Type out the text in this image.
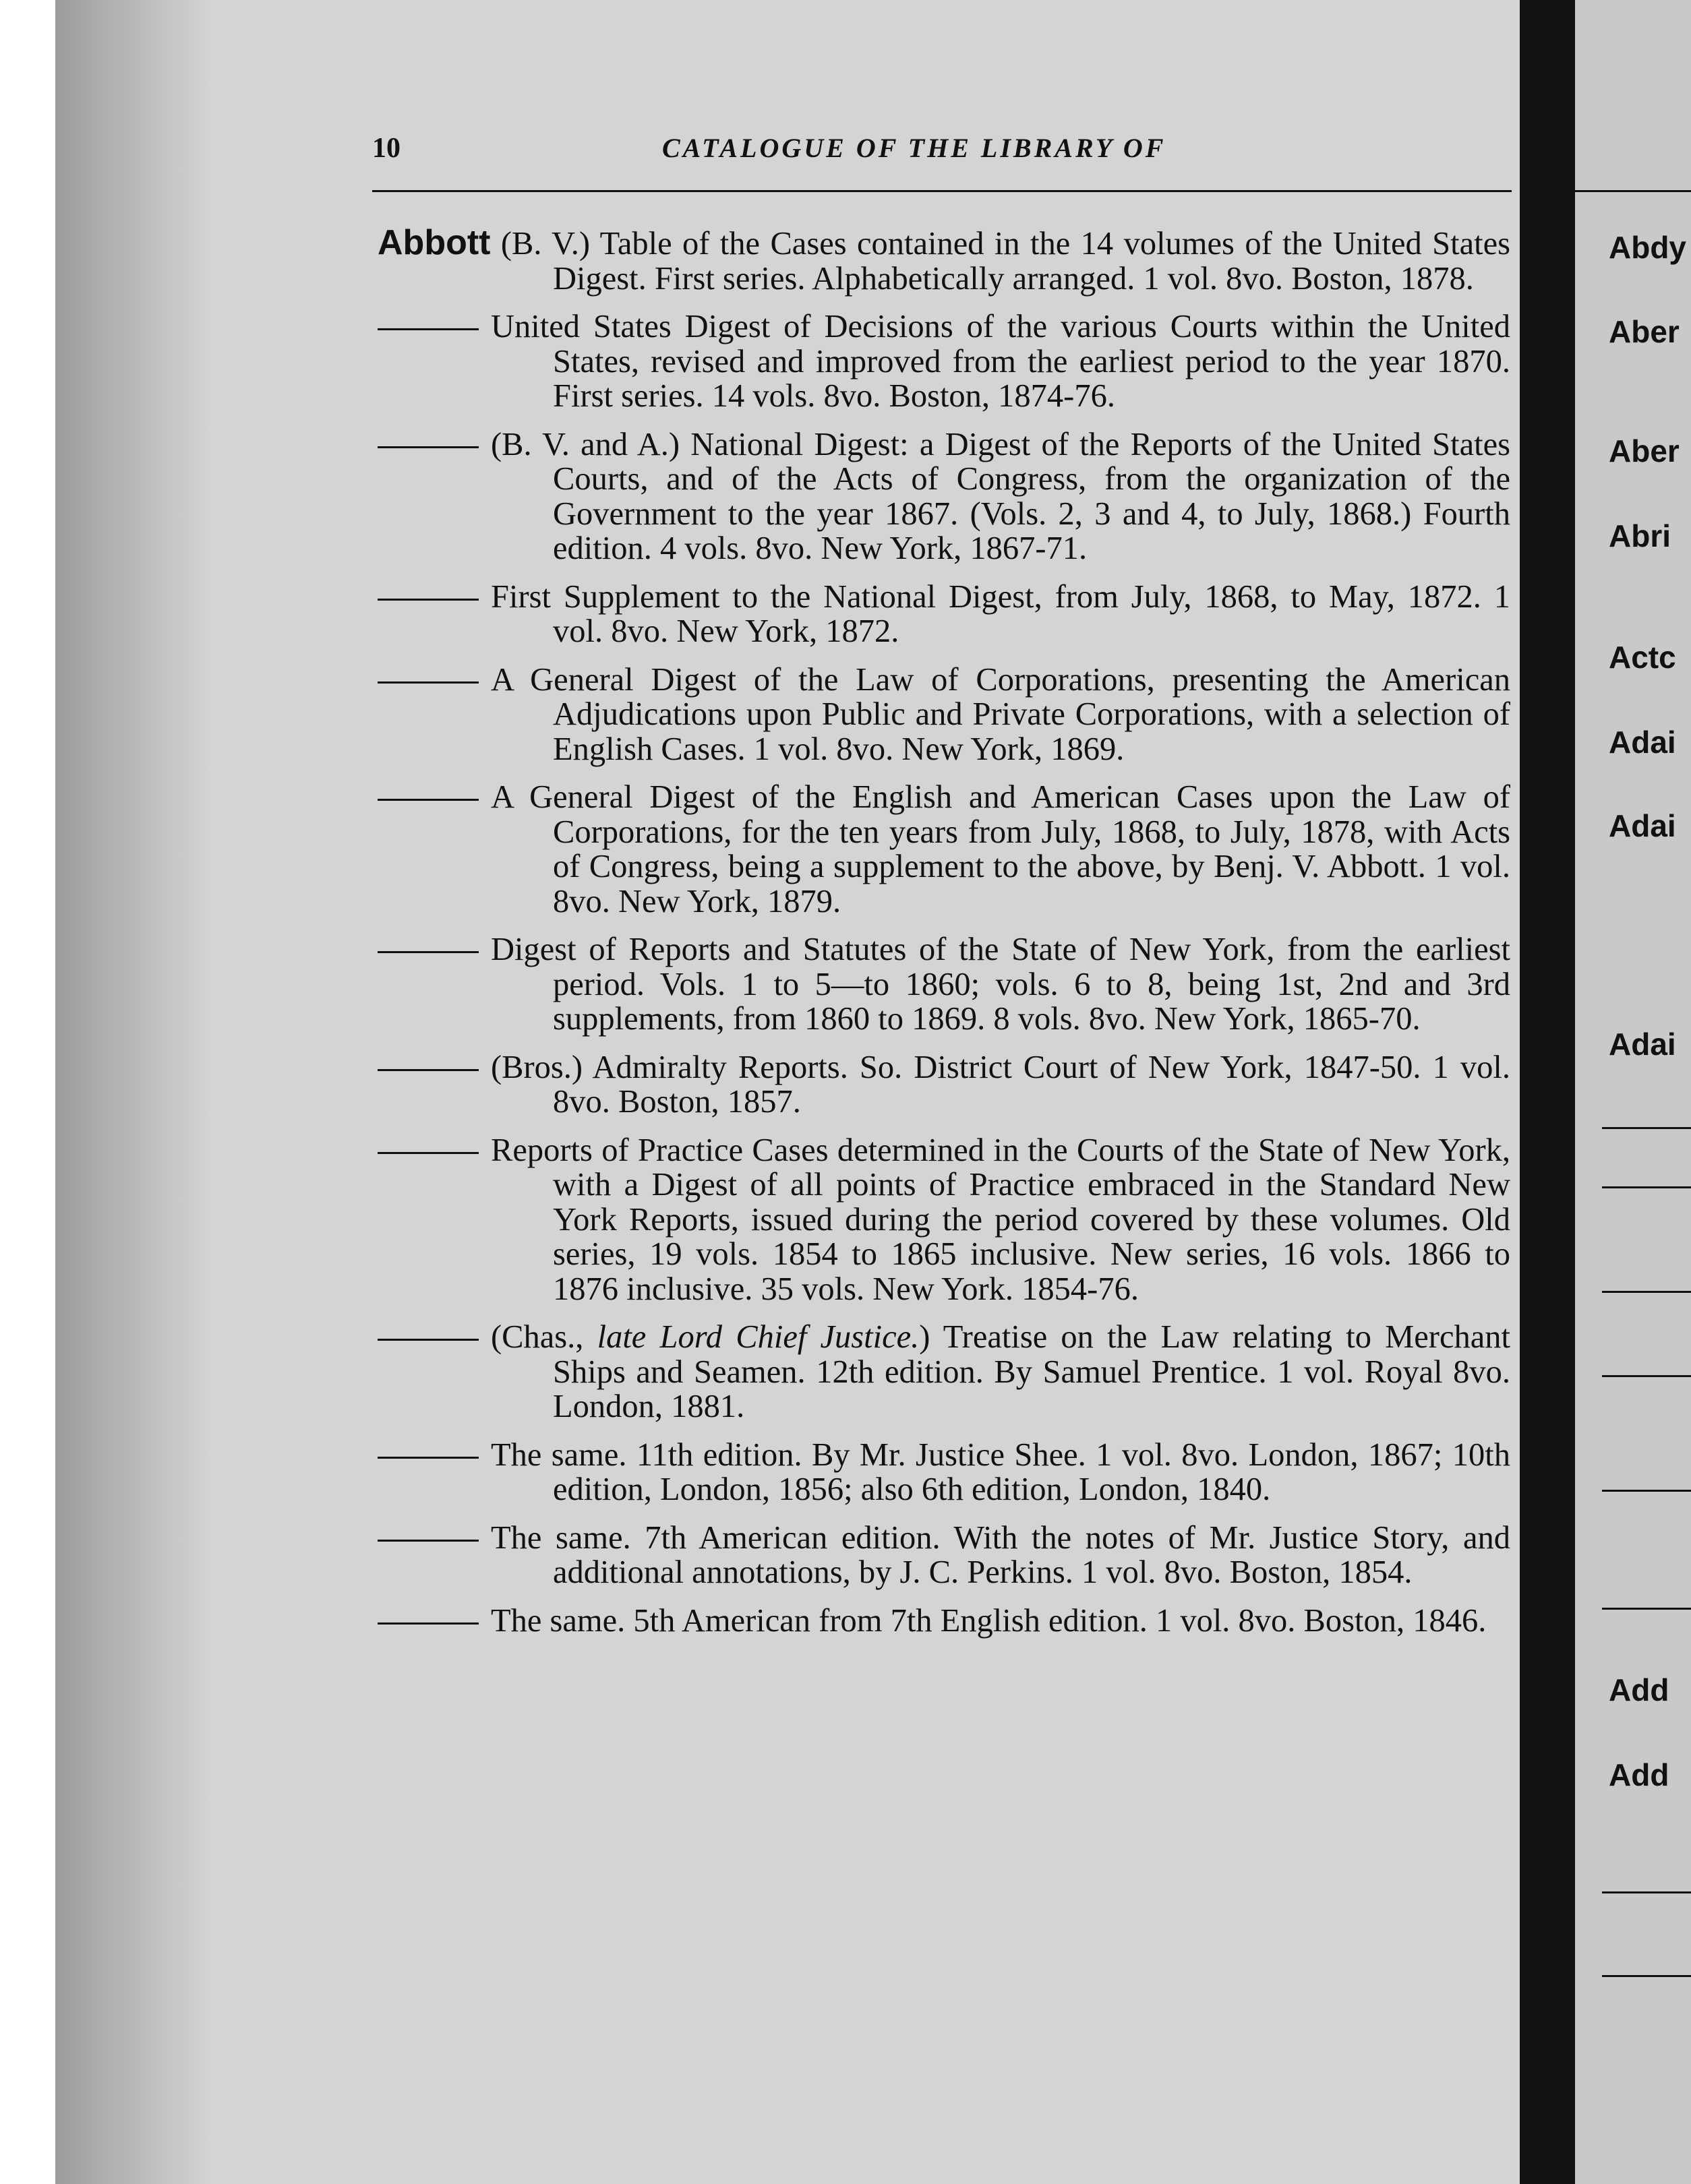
10	CATALOGUE OF THE LIBRARY OF

Abbott (B. V.) Table of the Cases contained in the 14 volumes of the United States Digest. First series. Alphabetically arranged. 1 vol. 8vo. Boston, 1878.

United States Digest of Decisions of the various Courts within the United States, revised and improved from the earliest period to the year 1870. First series. 14 vols. 8vo. Boston, 1874-76.

(B. V. and A.) National Digest: a Digest of the Reports of the United States Courts, and of the Acts of Congress, from the organization of the Government to the year 1867. (Vols. 2, 3 and 4, to July, 1868.) Fourth edition. 4 vols. 8vo. New York, 1867-71.

First Supplement to the National Digest, from July, 1868, to May, 1872. 1 vol. 8vo. New York, 1872.

A General Digest of the Law of Corporations, presenting the American Adjudications upon Public and Private Corporations, with a selection of English Cases. 1 vol. 8vo. New York, 1869.

A General Digest of the English and American Cases upon the Law of Corporations, for the ten years from July, 1868, to July, 1878, with Acts of Congress, being a supplement to the above, by Benj. V. Abbott. 1 vol. 8vo. New York, 1879.

Digest of Reports and Statutes of the State of New York, from the earliest period. Vols. 1 to 5—to 1860; vols. 6 to 8, being 1st, 2nd and 3rd supplements, from 1860 to 1869. 8 vols. 8vo. New York, 1865-70.

(Bros.) Admiralty Reports. So. District Court of New York, 1847-50. 1 vol. 8vo. Boston, 1857.

Reports of Practice Cases determined in the Courts of the State of New York, with a Digest of all points of Practice embraced in the Standard New York Reports, issued during the period covered by these volumes. Old series, 19 vols. 1854 to 1865 inclusive. New series, 16 vols. 1866 to 1876 inclusive. 35 vols. New York. 1854-76.

(Chas., late Lord Chief Justice.) Treatise on the Law relating to Merchant Ships and Seamen. 12th edition. By Samuel Prentice. 1 vol. Royal 8vo. London, 1881.

The same. 11th edition. By Mr. Justice Shee. 1 vol. 8vo. London, 1867; 10th edition, London, 1856; also 6th edition, London, 1840.

The same. 7th American edition. With the notes of Mr. Justice Story, and additional annotations, by J. C. Perkins. 1 vol. 8vo. Boston, 1854.

The same. 5th American from 7th English edition. 1 vol. 8vo. Boston, 1846.

Abdy
Aber
Aber
Abri
Actc
Adai
Adai
Adai
Add
Add
